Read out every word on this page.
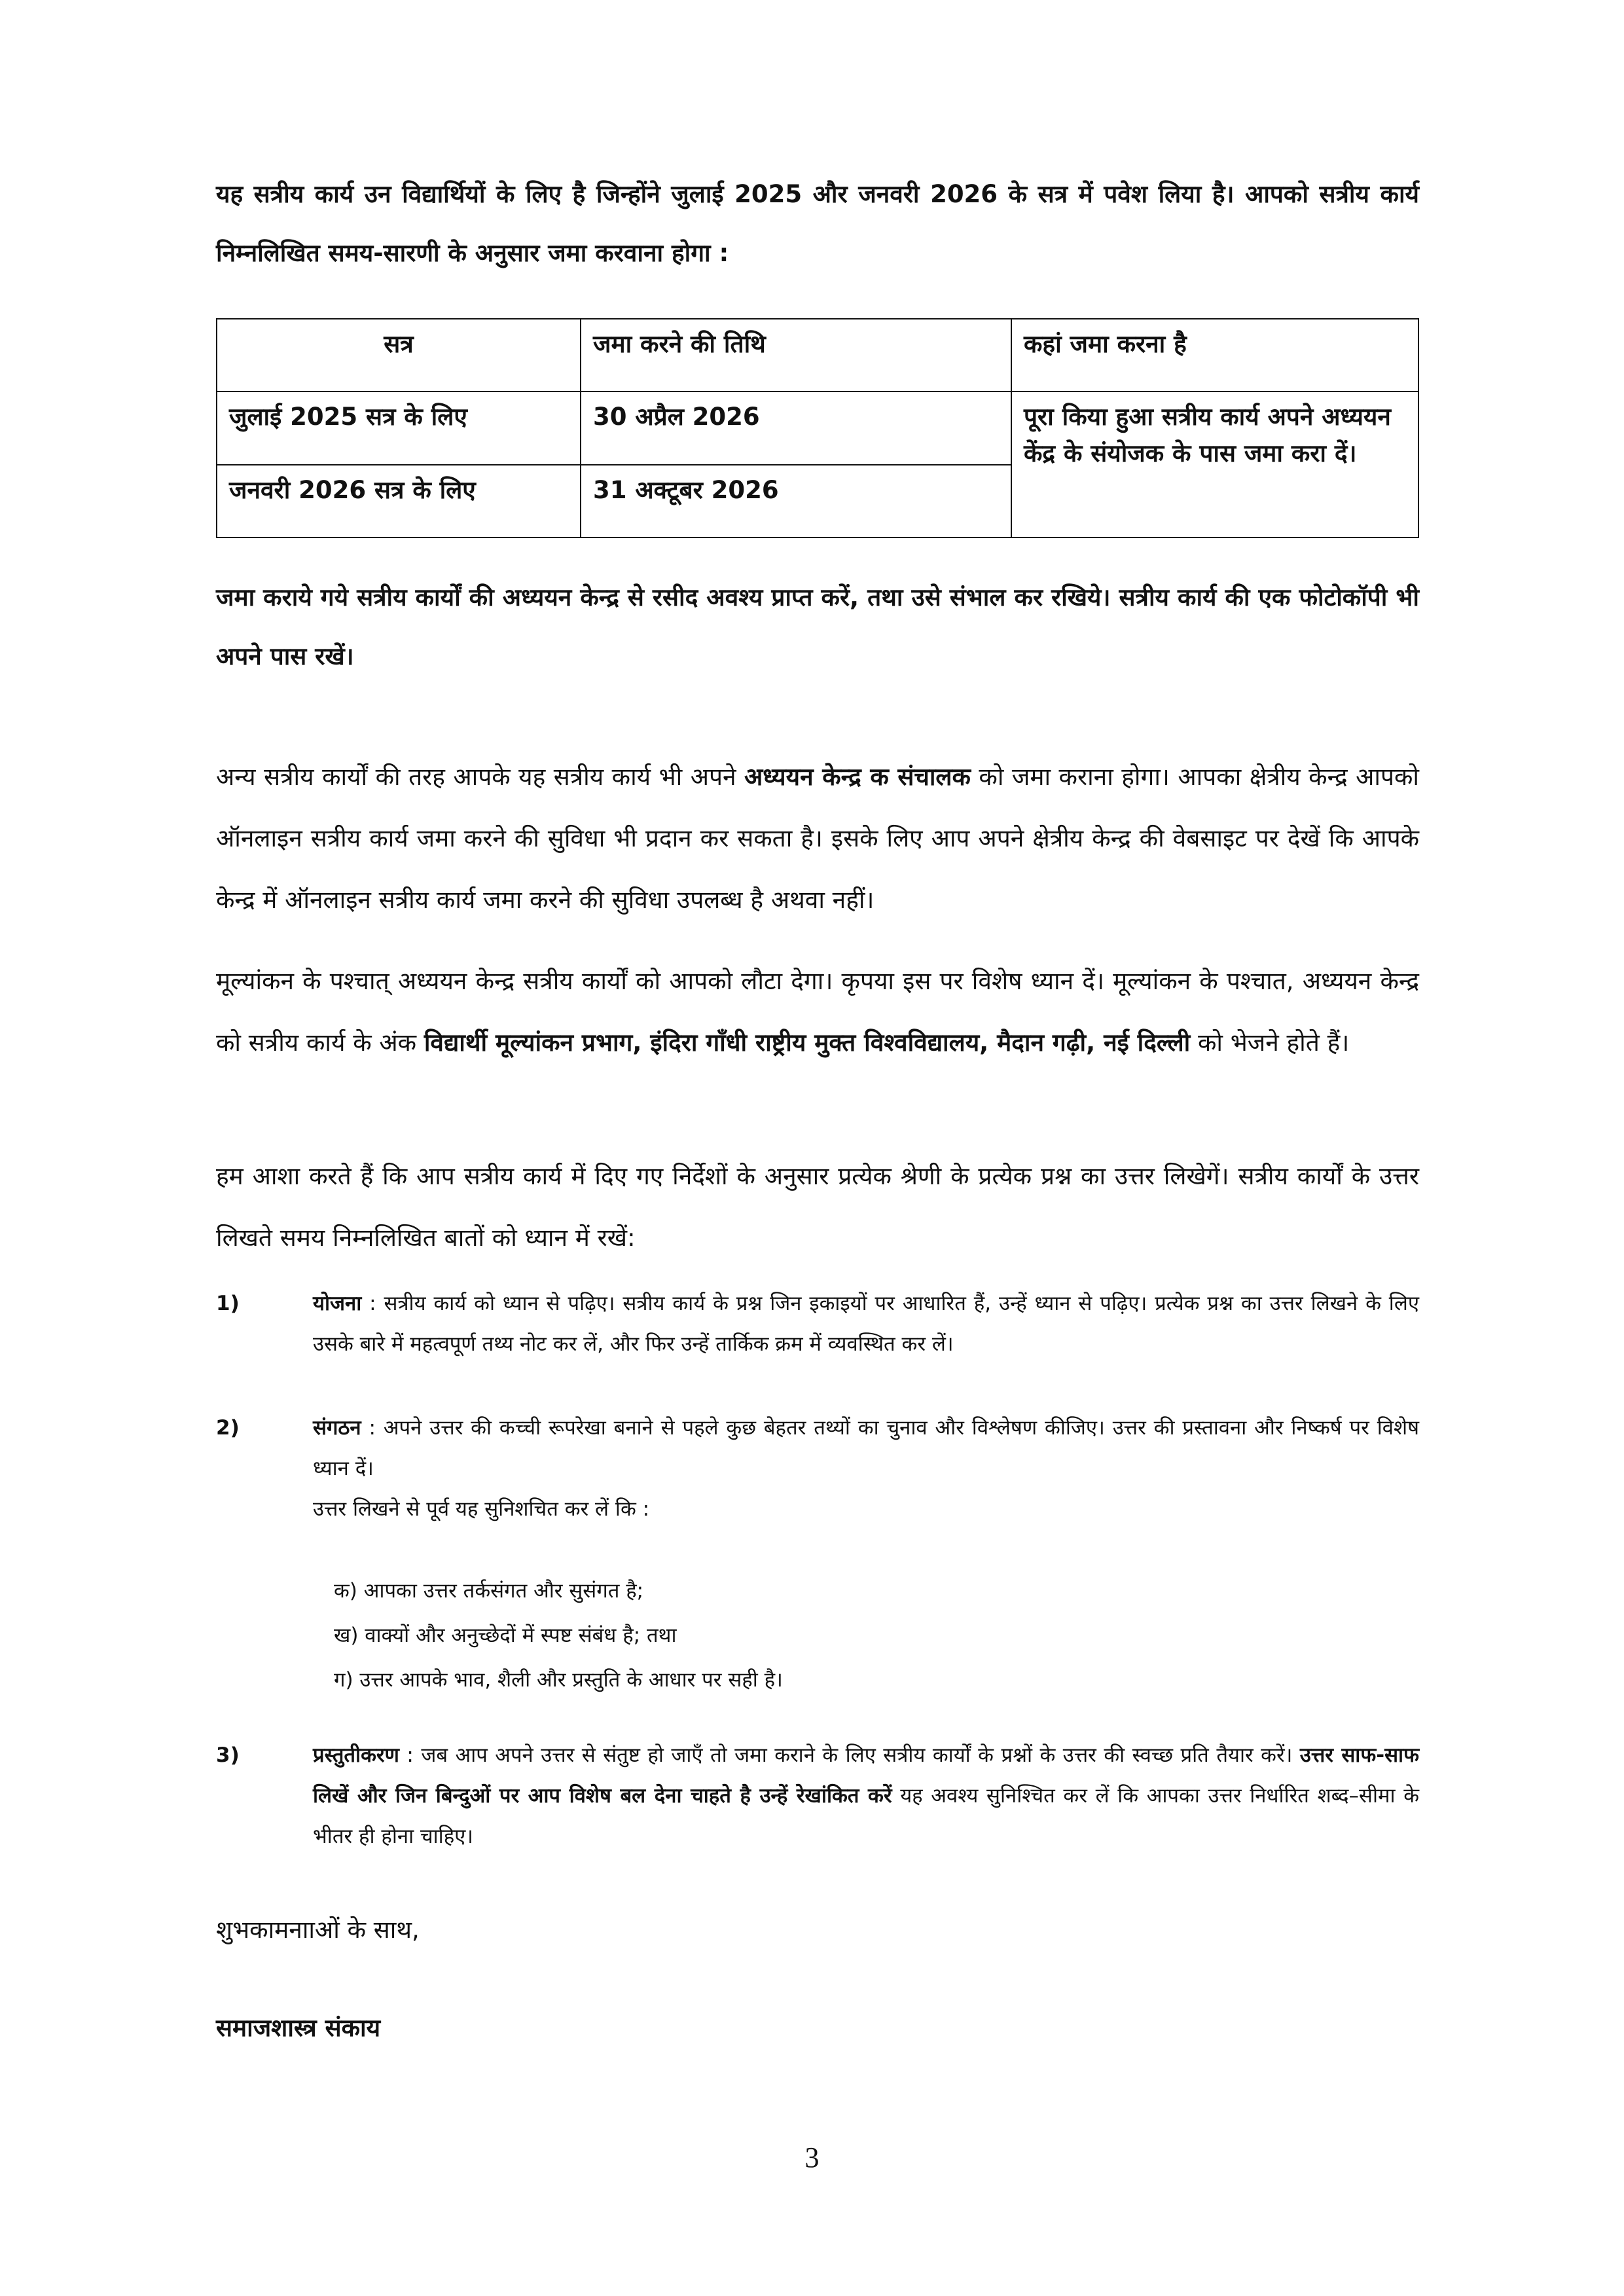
यह सत्रीय कार्य उन विद्यार्थियों के लिए है जिन्होंने जुलाई 2025 और जनवरी 2026 के सत्र में पवेश लिया है। आपको सत्रीय कार्य निम्नलिखित समय-सारणी के अनुसार जमा करवाना होगा :
सत्र	जमा करने की तिथि	कहां जमा करना है
जुलाई 2025 सत्र के लिए	30 अप्रैल 2026	पूरा किया हुआ सत्रीय कार्य अपने अध्ययन केंद्र के संयोजक के पास जमा करा दें।
जनवरी 2026 सत्र के लिए	31 अक्टूबर 2026	
जमा कराये गये सत्रीय कार्यों की अध्ययन केन्द्र से रसीद अवश्य प्राप्त करें, तथा उसे संभाल कर रखिये। सत्रीय कार्य की एक फोटोकॉपी भी अपने पास रखें।
अन्य सत्रीय कार्यों की तरह आपके यह सत्रीय कार्य भी अपने अध्ययन केन्द्र क संचालक को जमा कराना होगा। आपका क्षेत्रीय केन्द्र आपको ऑनलाइन सत्रीय कार्य जमा करने की सुविधा भी प्रदान कर सकता है। इसके लिए आप अपने क्षेत्रीय केन्द्र की वेबसाइट पर देखें कि आपके केन्द्र में ऑनलाइन सत्रीय कार्य जमा करने की सुविधा उपलब्ध है अथवा नहीं।
मूल्यांकन के पश्चात् अध्ययन केन्द्र सत्रीय कार्यों को आपको लौटा देगा। कृपया इस पर विशेष ध्यान दें। मूल्यांकन के पश्चात, अध्ययन केन्द्र को सत्रीय कार्य के अंक विद्यार्थी मूल्यांकन प्रभाग, इंदिरा गाँधी राष्ट्रीय मुक्त विश्वविद्यालय, मैदान गढ़ी, नई दिल्ली को भेजने होते हैं।
हम आशा करते हैं कि आप सत्रीय कार्य में दिए गए निर्देशों के अनुसार प्रत्येक श्रेणी के प्रत्येक प्रश्न का उत्तर लिखेगें। सत्रीय कार्यों के उत्तर लिखते समय निम्नलिखित बातों को ध्यान में रखें:
1)	योजना : सत्रीय कार्य को ध्यान से पढ़िए। सत्रीय कार्य के प्रश्न जिन इकाइयों पर आधारित हैं, उन्हें ध्यान से पढ़िए। प्रत्येक प्रश्न का उत्तर लिखने के लिए उसके बारे में महत्वपूर्ण तथ्य नोट कर लें, और फिर उन्हें तार्किक क्रम में व्यवस्थित कर लें।
2)	संगठन : अपने उत्तर की कच्ची रूपरेखा बनाने से पहले कुछ बेहतर तथ्यों का चुनाव और विश्लेषण कीजिए। उत्तर की प्रस्तावना और निष्कर्ष पर विशेष ध्यान दें।
उत्तर लिखने से पूर्व यह सुनिशचित कर लें कि :
क) आपका उत्तर तर्कसंगत और सुसंगत है;
ख) वाक्यों और अनुच्छेदों में स्पष्ट संबंध है; तथा
ग) उत्तर आपके भाव, शैली और प्रस्तुति के आधार पर सही है।
3)	प्रस्तुतीकरण : जब आप अपने उत्तर से संतुष्ट हो जाएँ तो जमा कराने के लिए सत्रीय कार्यों के प्रश्नों के उत्तर की स्वच्छ प्रति तैयार करें। उत्तर साफ-साफ लिखें और जिन बिन्दुओं पर आप विशेष बल देना चाहते है उन्हें रेखांकित करें यह अवश्य सुनिश्चित कर लें कि आपका उत्तर निर्धारित शब्द–सीमा के भीतर ही होना चाहिए।
शुभकामनााओं के साथ,
समाजशास्त्र संकाय
3
